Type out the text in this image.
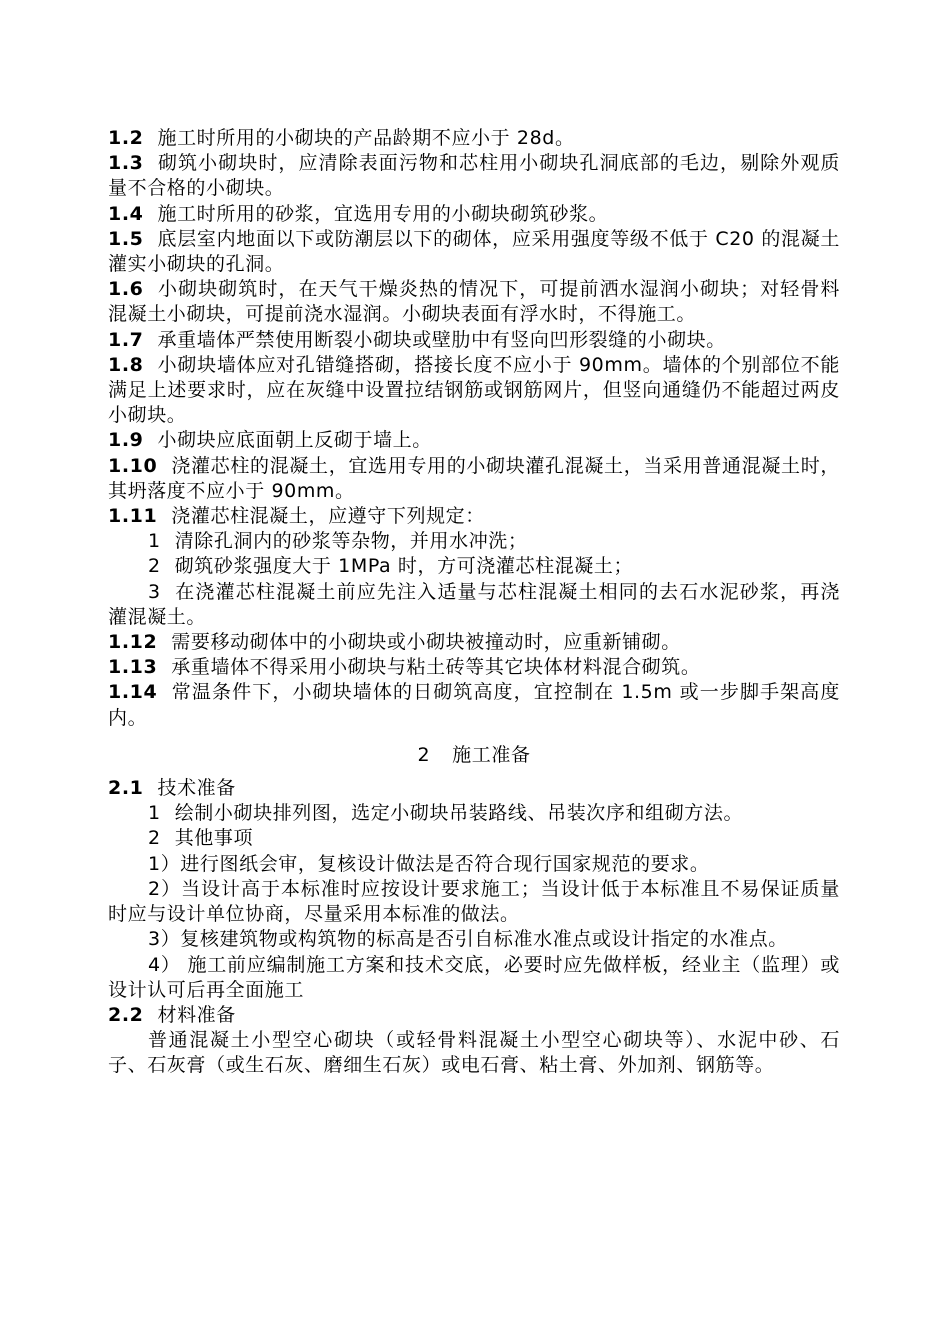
1.2 施工时所用的小砌块的产品龄期不应小于 28d。
1.3 砌筑小砌块时，应清除表面污物和芯柱用小砌块孔洞底部的毛边，剔除外观质量不合格的小砌块。
1.4 施工时所用的砂浆，宜选用专用的小砌块砌筑砂浆。
1.5 底层室内地面以下或防潮层以下的砌体，应采用强度等级不低于 C20 的混凝土灌实小砌块的孔洞。
1.6 小砌块砌筑时，在天气干燥炎热的情况下，可提前洒水湿润小砌块；对轻骨料混凝土小砌块，可提前浇水湿润。小砌块表面有浮水时，不得施工。
1.7 承重墙体严禁使用断裂小砌块或壁肋中有竖向凹形裂缝的小砌块。
1.8 小砌块墙体应对孔错缝搭砌，搭接长度不应小于 90mm。墙体的个别部位不能满足上述要求时，应在灰缝中设置拉结钢筋或钢筋网片，但竖向通缝仍不能超过两皮小砌块。
1.9 小砌块应底面朝上反砌于墙上。
1.10 浇灌芯柱的混凝土，宜选用专用的小砌块灌孔混凝土，当采用普通混凝土时，其坍落度不应小于 90mm。
1.11 浇灌芯柱混凝土，应遵守下列规定：
1 清除孔洞内的砂浆等杂物，并用水冲洗；
2 砌筑砂浆强度大于 1MPa 时，方可浇灌芯柱混凝土；
3 在浇灌芯柱混凝土前应先注入适量与芯柱混凝土相同的去石水泥砂浆，再浇灌混凝土。
1.12 需要移动砌体中的小砌块或小砌块被撞动时，应重新铺砌。
1.13 承重墙体不得采用小砌块与粘土砖等其它块体材料混合砌筑。
1.14 常温条件下，小砌块墙体的日砌筑高度，宜控制在 1.5m 或一步脚手架高度内。
2 施工准备
2.1 技术准备
1 绘制小砌块排列图，选定小砌块吊装路线、吊装次序和组砌方法。
2 其他事项
1）进行图纸会审，复核设计做法是否符合现行国家规范的要求。
2）当设计高于本标准时应按设计要求施工；当设计低于本标准且不易保证质量时应与设计单位协商，尽量采用本标准的做法。
3）复核建筑物或构筑物的标高是否引自标准水准点或设计指定的水准点。
4） 施工前应编制施工方案和技术交底，必要时应先做样板，经业主（监理）或设计认可后再全面施工
2.2 材料准备
普通混凝土小型空心砌块（或轻骨料混凝土小型空心砌块等）、水泥中砂、石子、石灰膏（或生石灰、磨细生石灰）或电石膏、粘土膏、外加剂、钢筋等。
